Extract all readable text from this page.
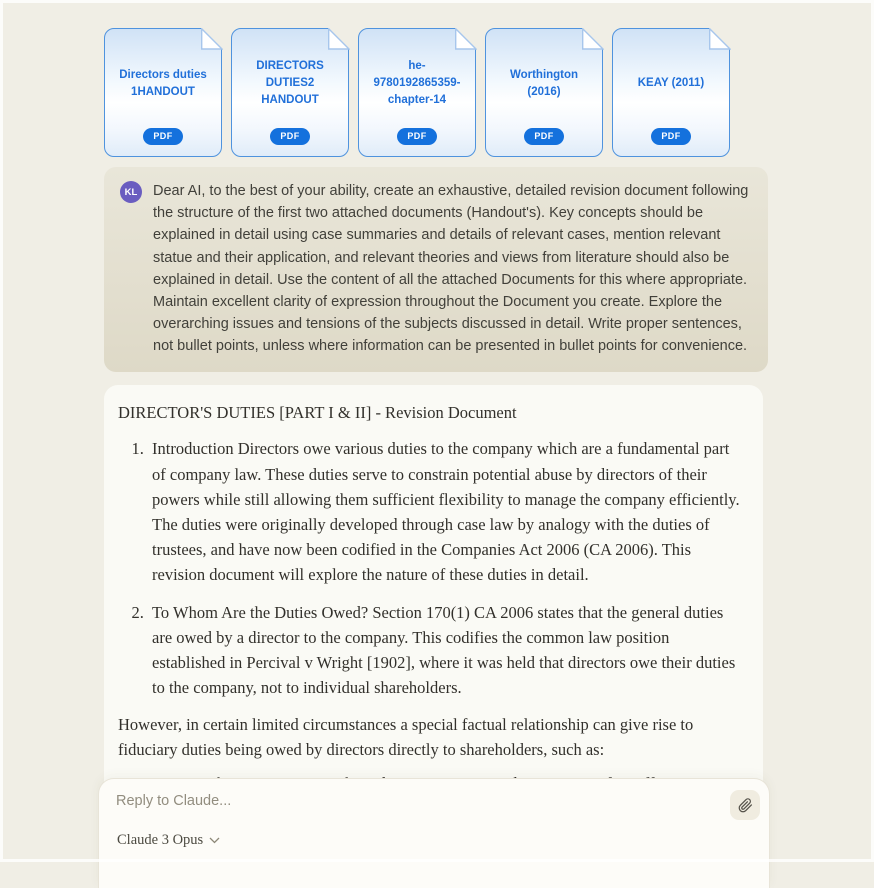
Directors duties 1HANDOUT
PDF
DIRECTORS DUTIES2 HANDOUT
PDF
he-9780192865359-chapter-14
PDF
Worthington (2016)
PDF
KEAY (2011)
PDF
KL	Dear AI, to the best of your ability, create an exhaustive, detailed revision document following the structure of the first two attached documents (Handout's). Key concepts should be explained in detail using case summaries and details of relevant cases, mention relevant statue and their application, and relevant theories and views from literature should also be explained in detail. Use the content of all the attached Documents for this where appropriate. Maintain excellent clarity of expression throughout the Document you create. Explore the overarching issues and tensions of the subjects discussed in detail. Write proper sentences, not bullet points, unless where information can be presented in bullet points for convenience.
DIRECTOR'S DUTIES [PART I & II] - Revision Document
1. Introduction Directors owe various duties to the company which are a fundamental part of company law. These duties serve to constrain potential abuse by directors of their powers while still allowing them sufficient flexibility to manage the company efficiently. The duties were originally developed through case law by analogy with the duties of trustees, and have now been codified in the Companies Act 2006 (CA 2006). This revision document will explore the nature of these duties in detail.
2. To Whom Are the Duties Owed? Section 170(1) CA 2006 states that the general duties are owed by a director to the company. This codifies the common law position established in Percival v Wright [1902], where it was held that directors owe their duties to the company, not to individual shareholders.

However, in certain limited circumstances a special factual relationship can give rise to fiduciary duties being owed by directors directly to shareholders, such as:

•
Reply to Claude...
Claude 3 Opus
